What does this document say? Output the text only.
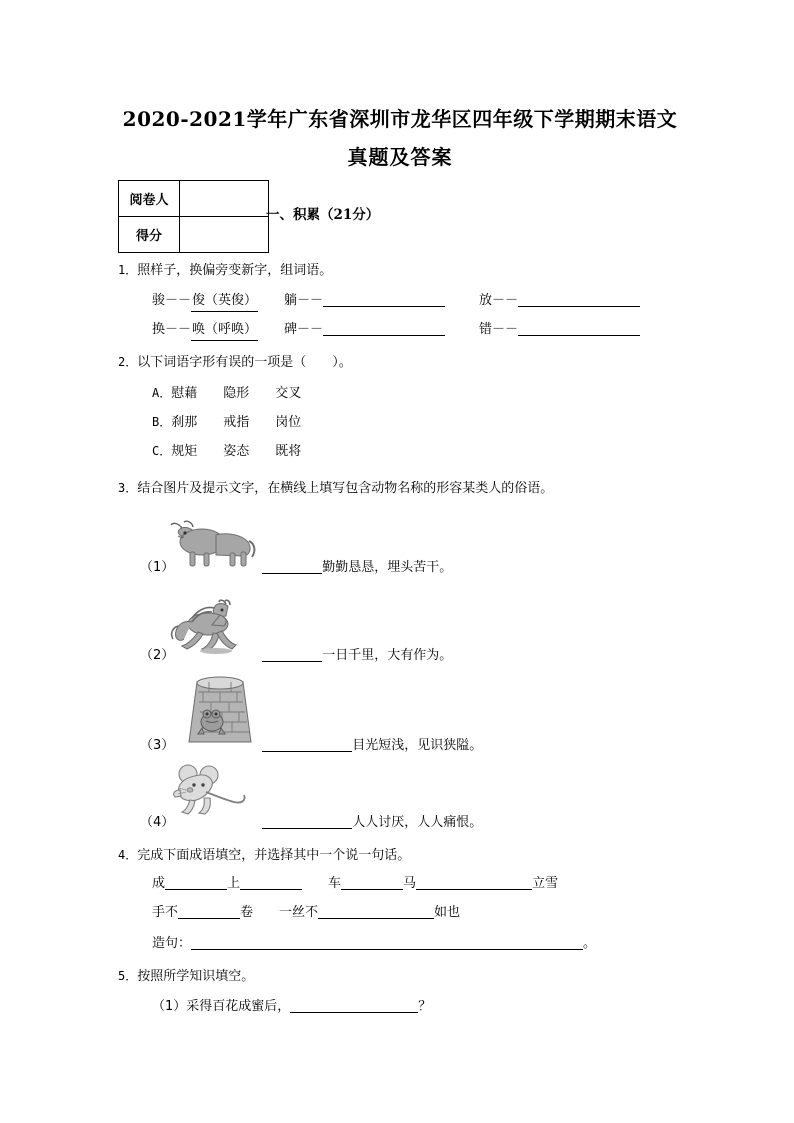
2020-2021学年广东省深圳市龙华区四年级下学期期末语文
真题及答案
阅卷人	
得分	
一、积累（21分）
1．照样子，换偏旁变新字，组词语。
骏－－俊（英俊） 躺－－	放－－
换－－唤（呼唤） 碑－－	错－－
2．以下词语字形有误的一项是（　　）。
A．慰藉 隐形 交叉
B．刹那 戒指 岗位
C．规矩 姿态 既将
3．结合图片及提示文字，在横线上填写包含动物名称的形容某类人的俗语。
（1）	勤勤恳恳，埋头苦干。
（2）	一日千里，大有作为。
（3）	目光短浅，见识狭隘。
（4）	人人讨厌，人人痛恨。
4．完成下面成语填空，并选择其中一个说一句话。
成	上	车	马	立雪
手不	卷 一丝不	如也
造句：	。
5．按照所学知识填空。
（1）采得百花成蜜后，	？
